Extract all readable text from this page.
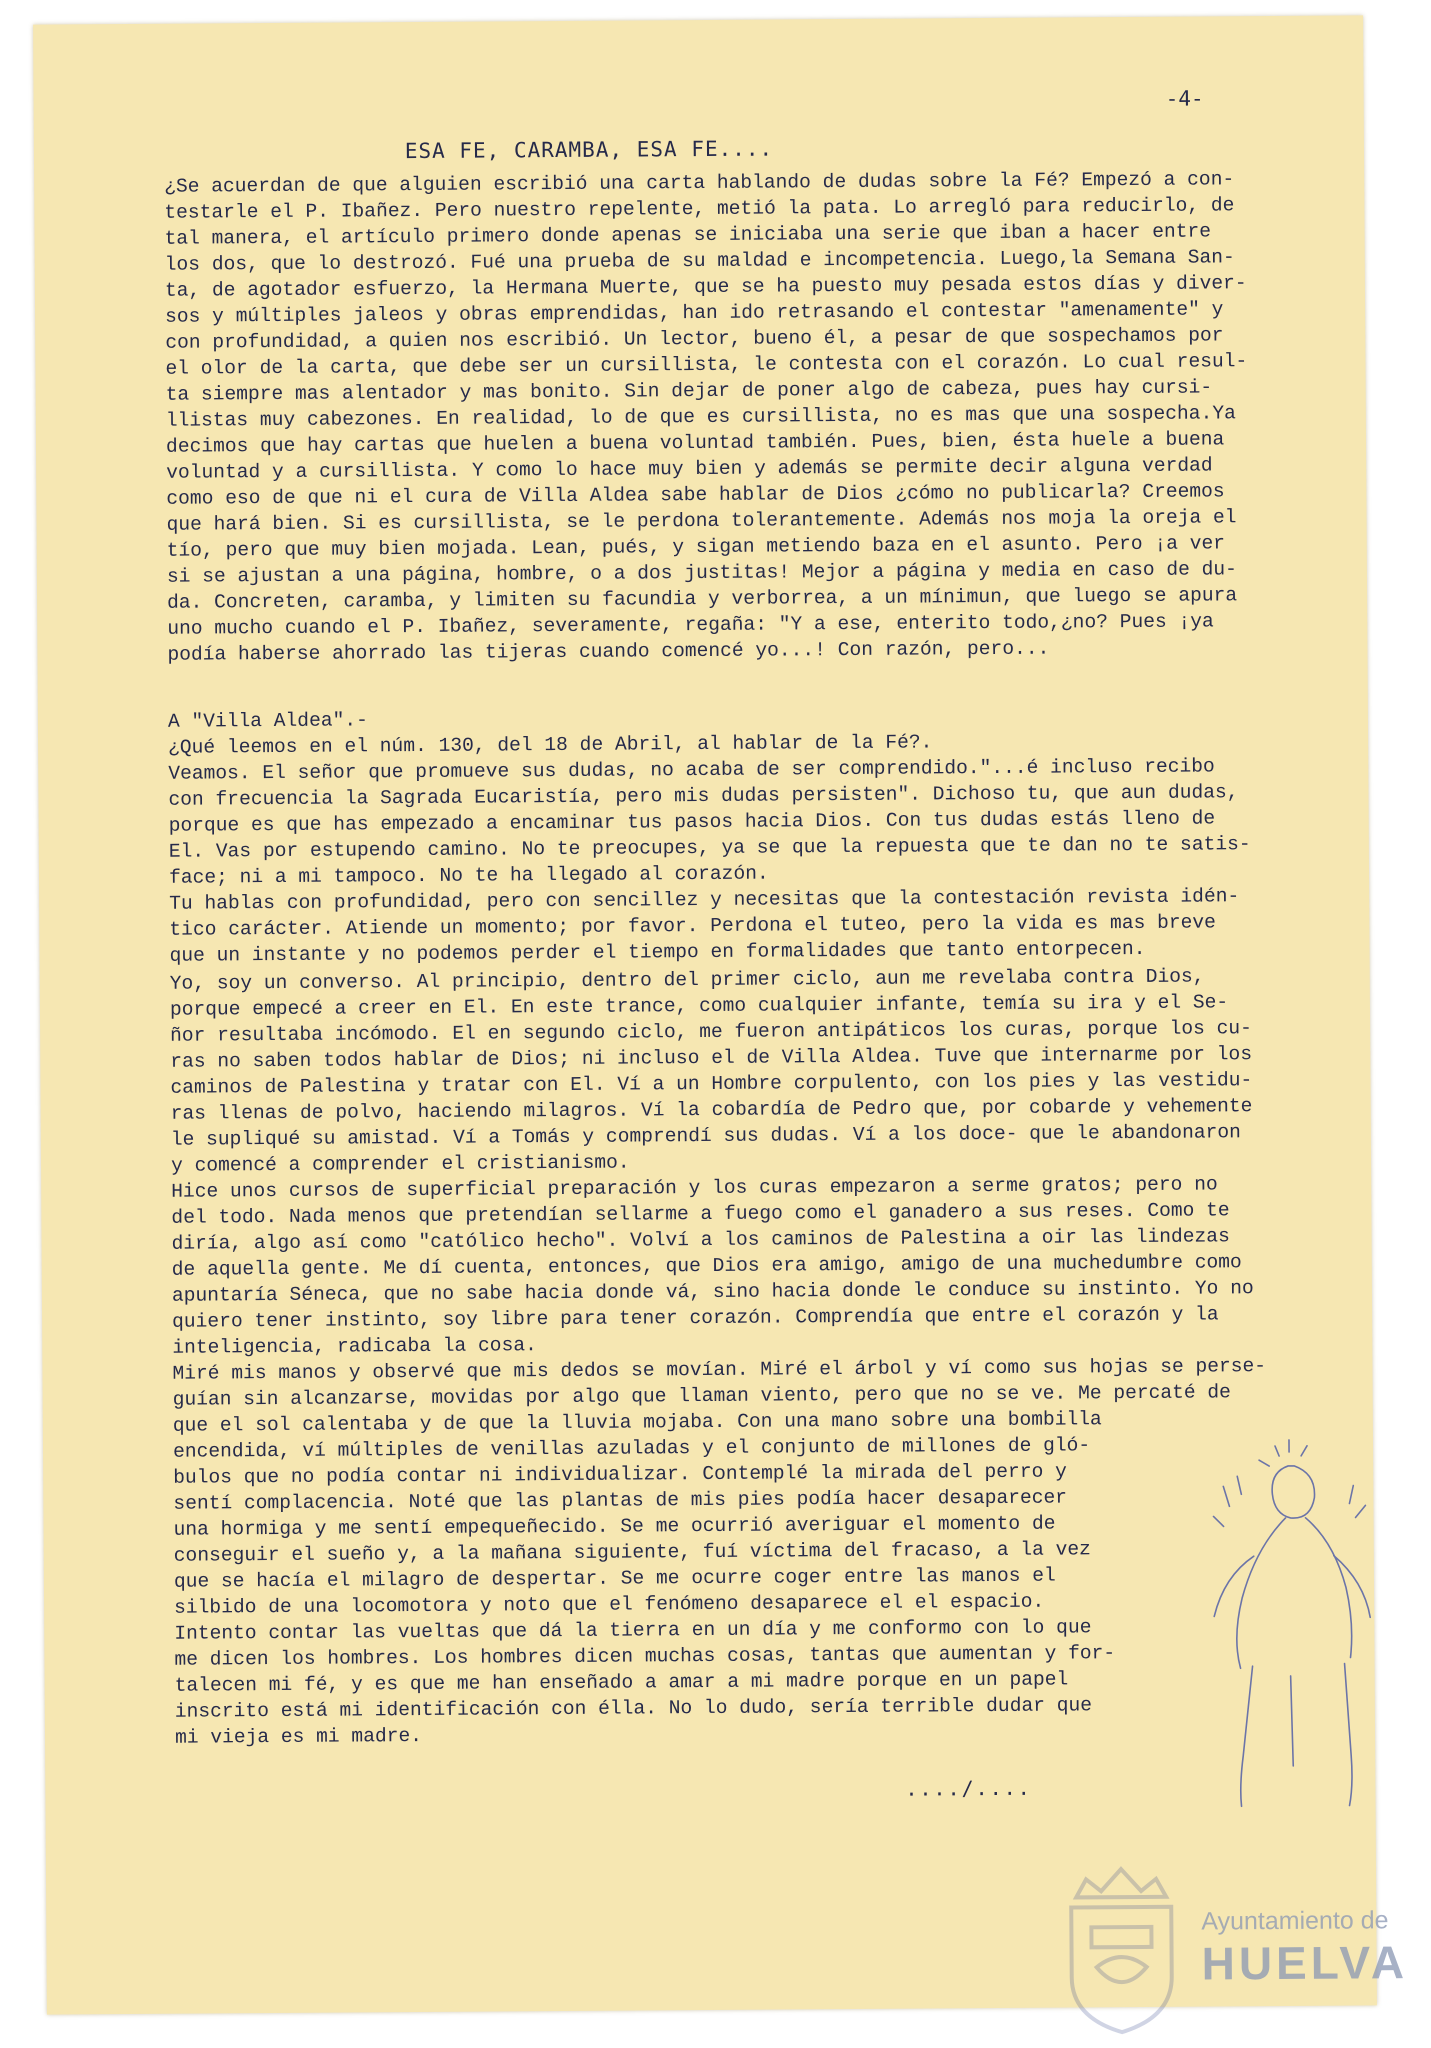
-4-
ESA FE, CARAMBA, ESA FE....
¿Se acuerdan de que alguien escribió una carta hablando de dudas sobre la Fé? Empezó a con-
testarle el P. Ibañez. Pero nuestro repelente, metió la pata. Lo arregló para reducirlo, de
tal manera, el artículo primero donde apenas se iniciaba una serie que iban a hacer entre
los dos, que lo destrozó. Fué una prueba de su maldad e incompetencia. Luego,la Semana San-
ta, de agotador esfuerzo, la Hermana Muerte, que se ha puesto muy pesada estos días y diver-
sos y múltiples jaleos y obras emprendidas, han ido retrasando el contestar "amenamente" y
con profundidad, a quien nos escribió. Un lector, bueno él, a pesar de que sospechamos por
el olor de la carta, que debe ser un cursillista, le contesta con el corazón. Lo cual resul-
ta siempre mas alentador y mas bonito. Sin dejar de poner algo de cabeza, pues hay cursi-
llistas muy cabezones. En realidad, lo de que es cursillista, no es mas que una sospecha.Ya
decimos que hay cartas que huelen a buena voluntad también. Pues, bien, ésta huele a buena
voluntad y a cursillista. Y como lo hace muy bien y además se permite decir alguna verdad
como eso de que ni el cura de Villa Aldea sabe hablar de Dios ¿cómo no publicarla? Creemos
que hará bien. Si es cursillista, se le perdona tolerantemente. Además nos moja la oreja el
tío, pero que muy bien mojada. Lean, pués, y sigan metiendo baza en el asunto. Pero ¡a ver
si se ajustan a una página, hombre, o a dos justitas! Mejor a página y media en caso de du-
da. Concreten, caramba, y limiten su facundia y verborrea, a un mínimun, que luego se apura
uno mucho cuando el P. Ibañez, severamente, regaña: "Y a ese, enterito todo,¿no? Pues ¡ya
podía haberse ahorrado las tijeras cuando comencé yo...! Con razón, pero...
A "Villa Aldea".-
¿Qué leemos en el núm. 130, del 18 de Abril, al hablar de la Fé?.
Veamos. El señor que promueve sus dudas, no acaba de ser comprendido."...é incluso recibo
con frecuencia la Sagrada Eucaristía, pero mis dudas persisten". Dichoso tu, que aun dudas,
porque es que has empezado a encaminar tus pasos hacia Dios. Con tus dudas estás lleno de
El. Vas por estupendo camino. No te preocupes, ya se que la repuesta que te dan no te satis-
face; ni a mi tampoco. No te ha llegado al corazón.
Tu hablas con profundidad, pero con sencillez y necesitas que la contestación revista idén-
tico carácter. Atiende un momento; por favor. Perdona el tuteo, pero la vida es mas breve
que un instante y no podemos perder el tiempo en formalidades que tanto entorpecen.
Yo, soy un converso. Al principio, dentro del primer ciclo, aun me revelaba contra Dios,
porque empecé a creer en El. En este trance, como cualquier infante, temía su ira y el Se-
ñor resultaba incómodo. El en segundo ciclo, me fueron antipáticos los curas, porque los cu-
ras no saben todos hablar de Dios; ni incluso el de Villa Aldea. Tuve que internarme por los
caminos de Palestina y tratar con El. Ví a un Hombre corpulento, con los pies y las vestidu-
ras llenas de polvo, haciendo milagros. Ví la cobardía de Pedro que, por cobarde y vehemente
le supliqué su amistad. Ví a Tomás y comprendí sus dudas. Ví a los doce- que le abandonaron
y comencé a comprender el cristianismo.
Hice unos cursos de superficial preparación y los curas empezaron a serme gratos; pero no
del todo. Nada menos que pretendían sellarme a fuego como el ganadero a sus reses. Como te
diría, algo así como "católico hecho". Volví a los caminos de Palestina a oir las lindezas
de aquella gente. Me dí cuenta, entonces, que Dios era amigo, amigo de una muchedumbre como
apuntaría Séneca, que no sabe hacia donde vá, sino hacia donde le conduce su instinto. Yo no
quiero tener instinto, soy libre para tener corazón. Comprendía que entre el corazón y la
inteligencia, radicaba la cosa.
Miré mis manos y observé que mis dedos se movían. Miré el árbol y ví como sus hojas se perse-
guían sin alcanzarse, movidas por algo que llaman viento, pero que no se ve. Me percaté de
que el sol calentaba y de que la lluvia mojaba. Con una mano sobre una bombilla
encendida, ví múltiples de venillas azuladas y el conjunto de millones de gló-
bulos que no podía contar ni individualizar. Contemplé la mirada del perro y
sentí complacencia. Noté que las plantas de mis pies podía hacer desaparecer
una hormiga y me sentí empequeñecido. Se me ocurrió averiguar el momento de
conseguir el sueño y, a la mañana siguiente, fuí víctima del fracaso, a la vez
que se hacía el milagro de despertar. Se me ocurre coger entre las manos el
silbido de una locomotora y noto que el fenómeno desaparece el el espacio.
Intento contar las vueltas que dá la tierra en un día y me conformo con lo que
me dicen los hombres. Los hombres dicen muchas cosas, tantas que aumentan y for-
talecen mi fé, y es que me han enseñado a amar a mi madre porque en un papel
inscrito está mi identificación con élla. No lo dudo, sería terrible dudar que
mi vieja es mi madre.
..../....
Ayuntamiento de
HUELVA
